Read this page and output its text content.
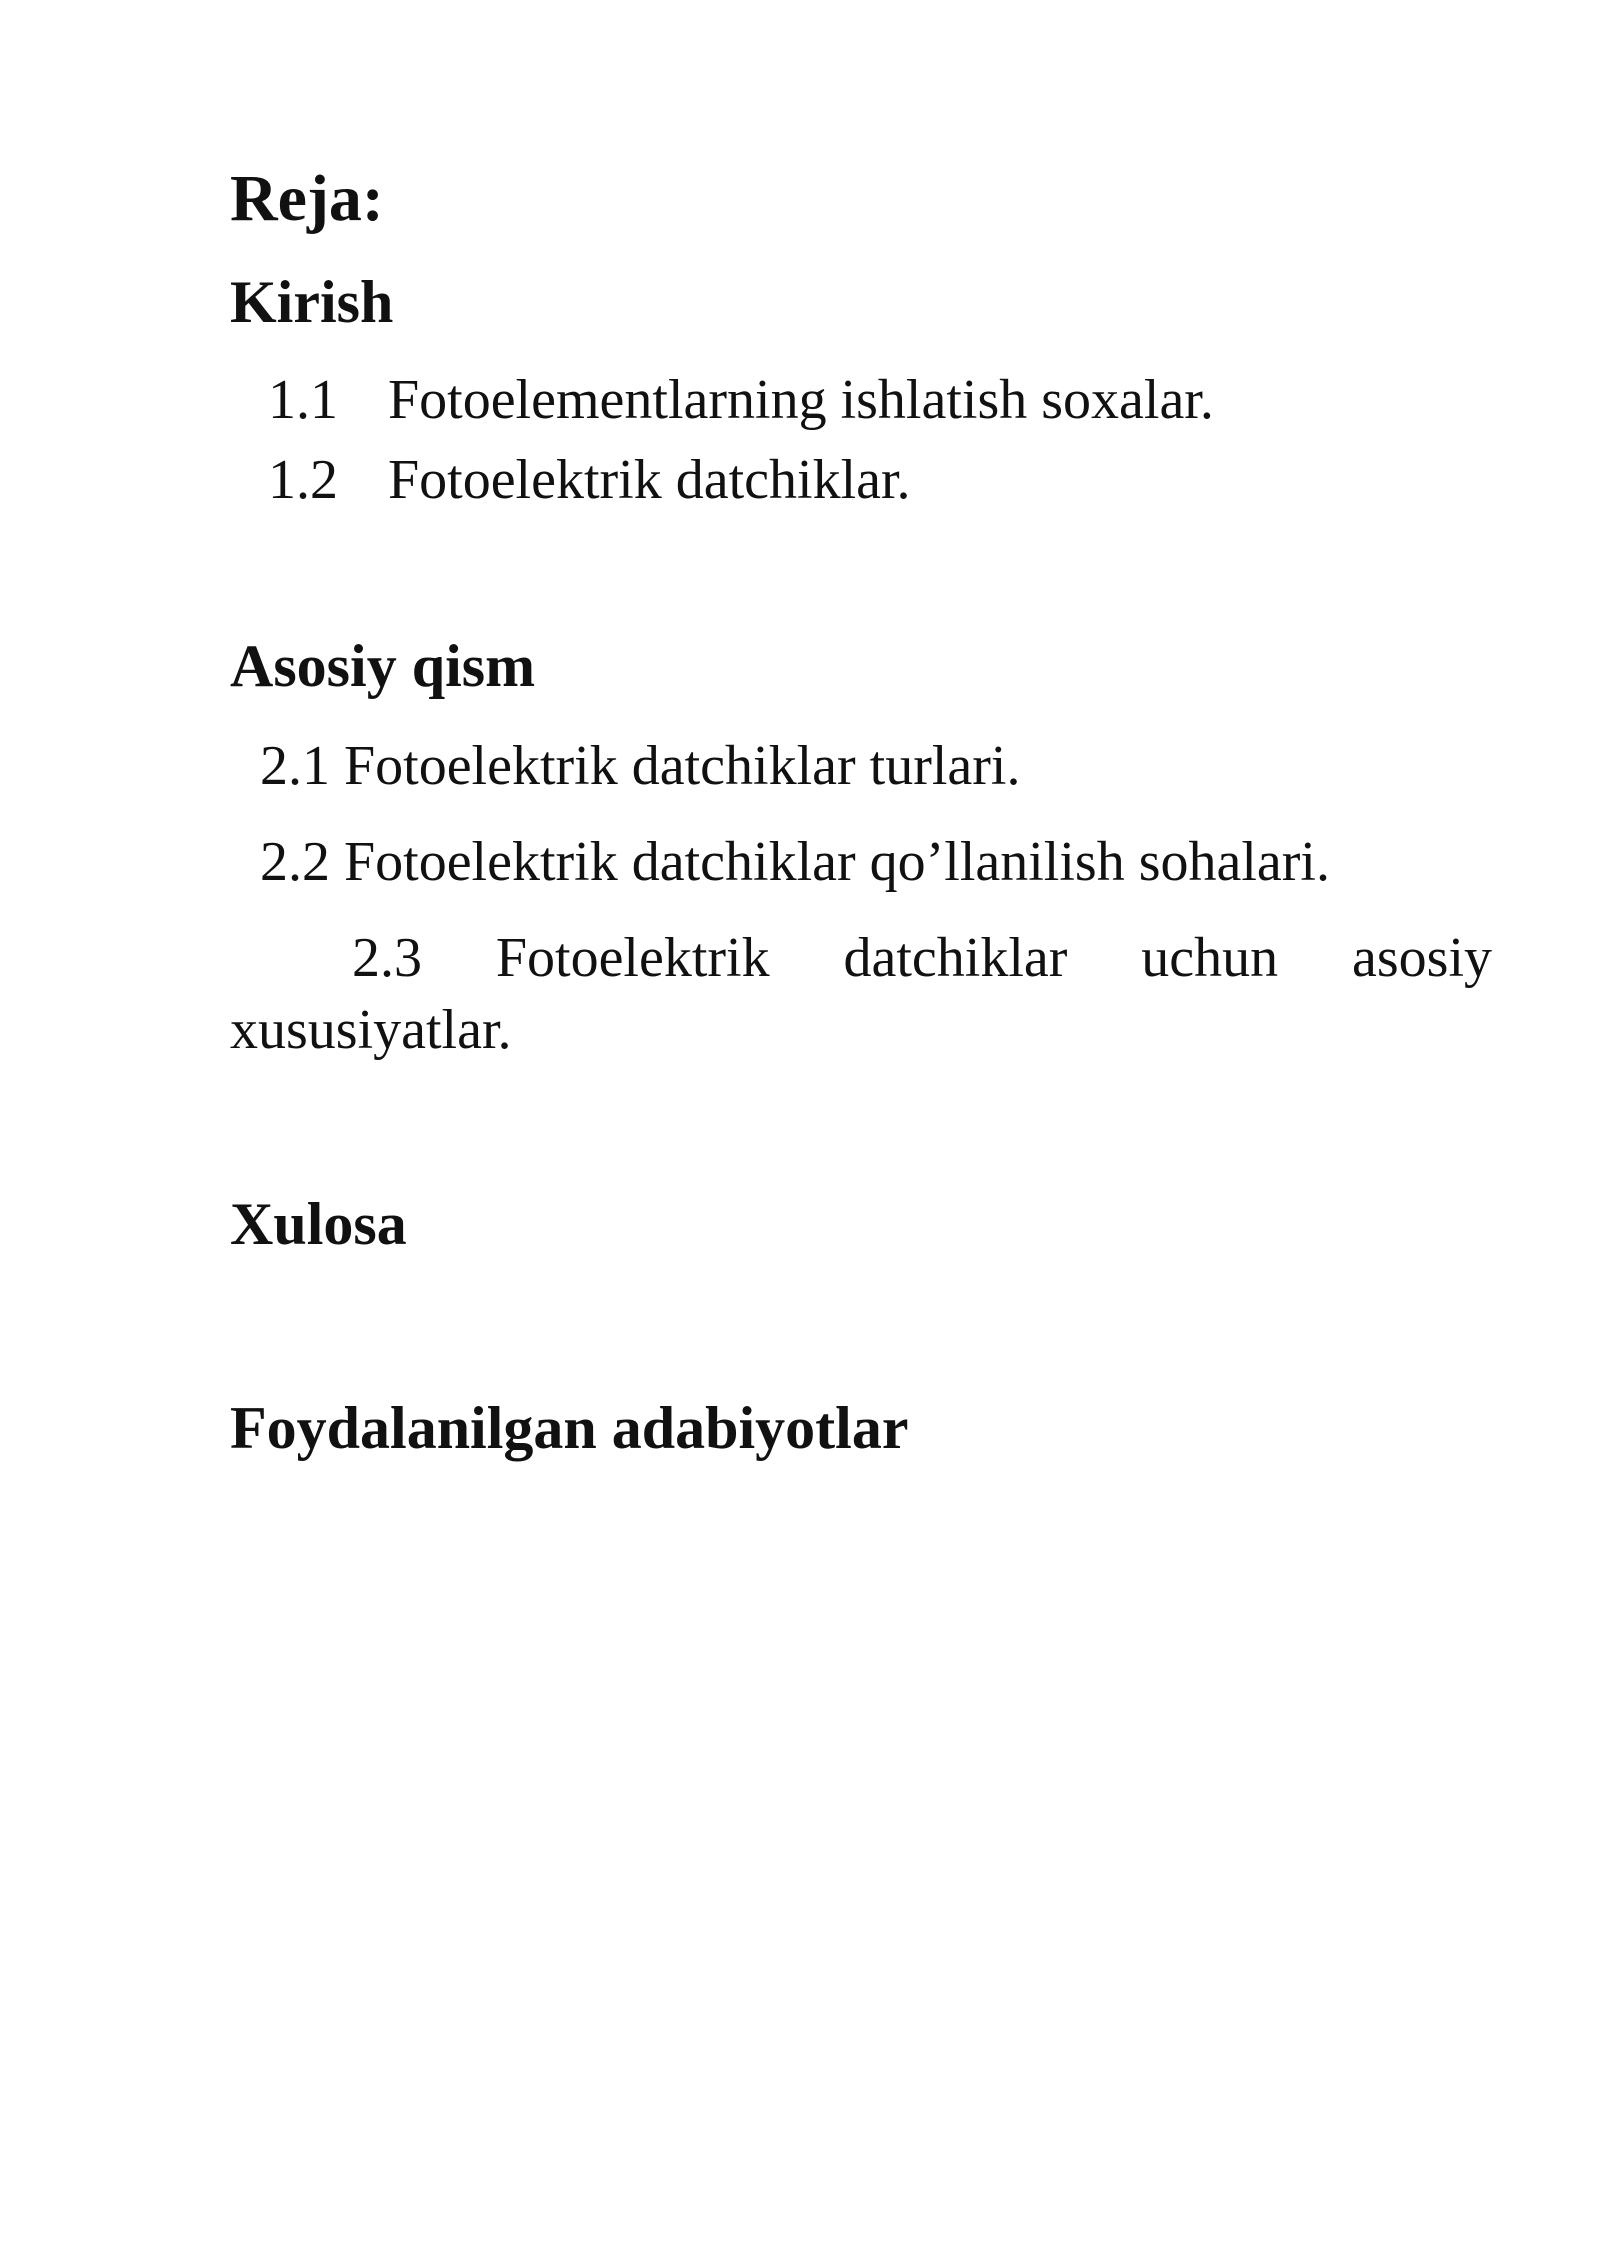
Reja:
Kirish
1.1 Fotoelementlarning ishlatish soxalar.
1.2 Fotoelektrik datchiklar.
Asosiy qism
2.1 Fotoelektrik datchiklar turlari.
2.2 Fotoelektrik datchiklar qo’llanilish sohalari.
2.3 Fotoelektrik datchiklar uchun asosiy
xususiyatlar.
Xulosa
Foydalanilgan adabiyotlar
